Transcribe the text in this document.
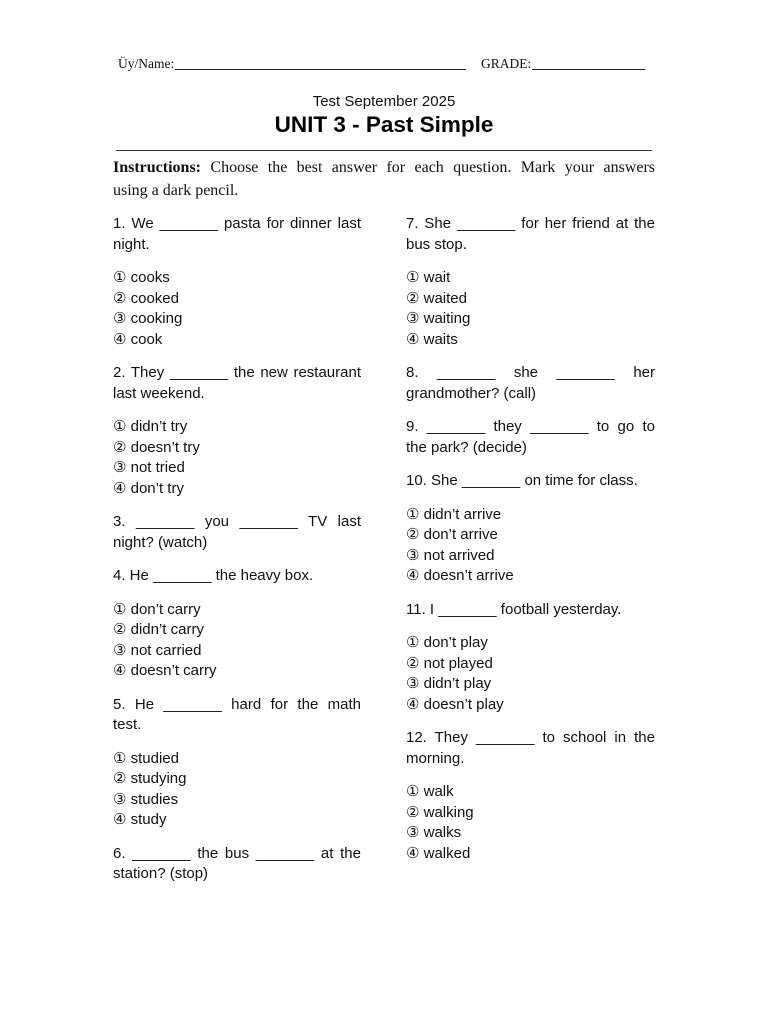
Üy/Name:	GRADE:
Test September 2025
UNIT 3 - Past Simple
Instructions: Choose the best answer for each question. Mark your answers
using a dark pencil.
1. We _______ pasta for dinner last
night.
① cooks
② cooked
③ cooking
④ cook
2. They _______ the new restaurant
last weekend.
① didn’t try
② doesn’t try
③ not tried
④ don’t try
3. _______ you _______ TV last
night? (watch)
4. He _______ the heavy box.
① don’t carry
② didn’t carry
③ not carried
④ doesn’t carry
5. He _______ hard for the math
test.
① studied
② studying
③ studies
④ study
6. _______ the bus _______ at the
station? (stop)
7. She _______ for her friend at the
bus stop.
① wait
② waited
③ waiting
④ waits
8. _______ she _______ her
grandmother? (call)
9. _______ they _______ to go to
the park? (decide)
10. She _______ on time for class.
① didn’t arrive
② don’t arrive
③ not arrived
④ doesn’t arrive
11. I _______ football yesterday.
① don’t play
② not played
③ didn’t play
④ doesn’t play
12. They _______ to school in the
morning.
① walk
② walking
③ walks
④ walked
